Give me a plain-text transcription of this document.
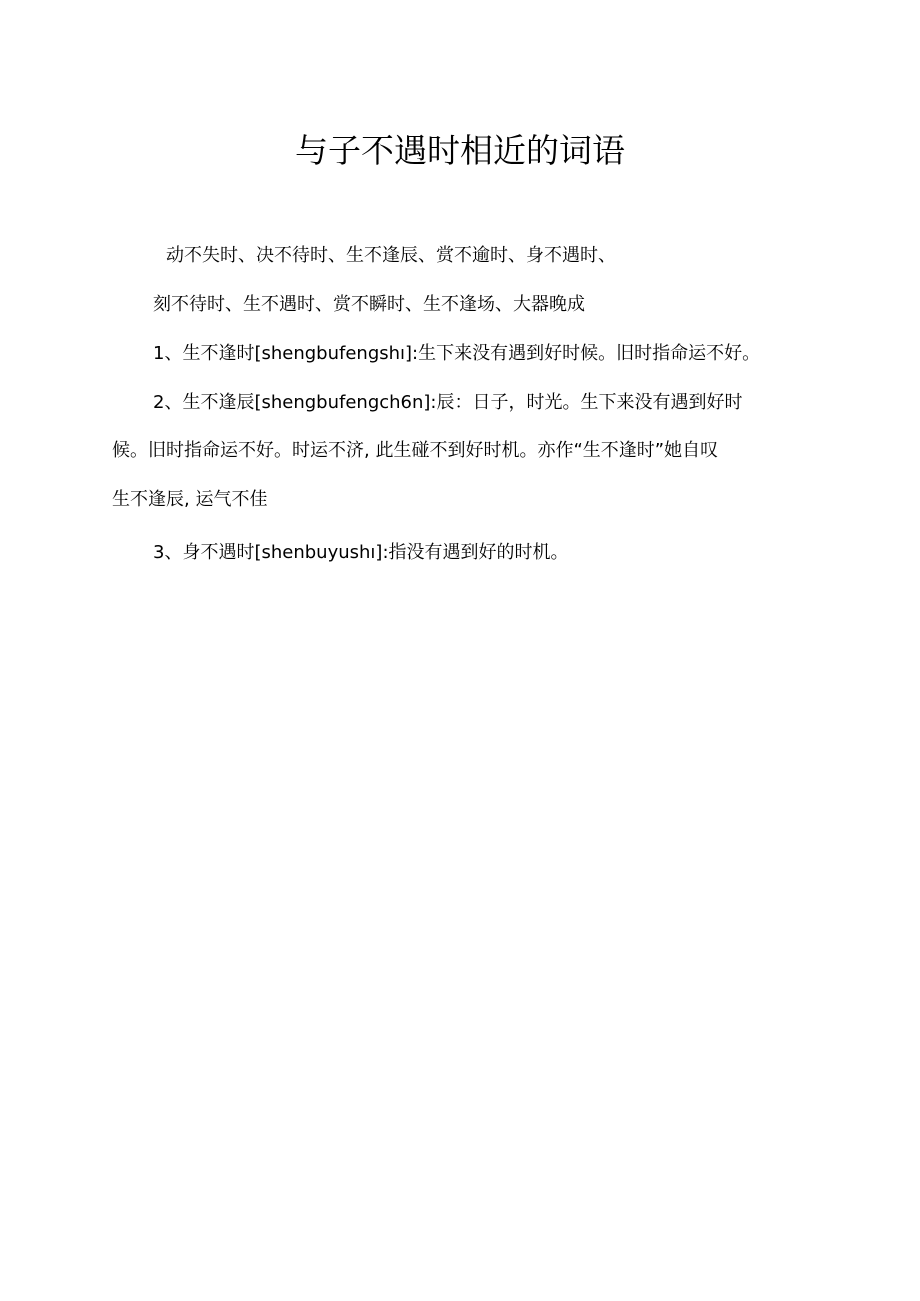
与子不遇时相近的词语

动不失时、决不待时、生不逢辰、赏不逾时、身不遇时、

刻不待时、生不遇时、赏不瞬时、生不逢场、大器晚成

1、生不逢时[shengbufengshı]:生下来没有遇到好时候。旧时指命运不好。

2、生不逢辰[shengbufengch6n]:辰：日子，时光。生下来没有遇到好时

候。旧时指命运不好。时运不济, 此生碰不到好时机。亦作“生不逢时”她自叹

生不逢辰, 运气不佳

3、身不遇时[shenbuyushı]:指没有遇到好的时机。
